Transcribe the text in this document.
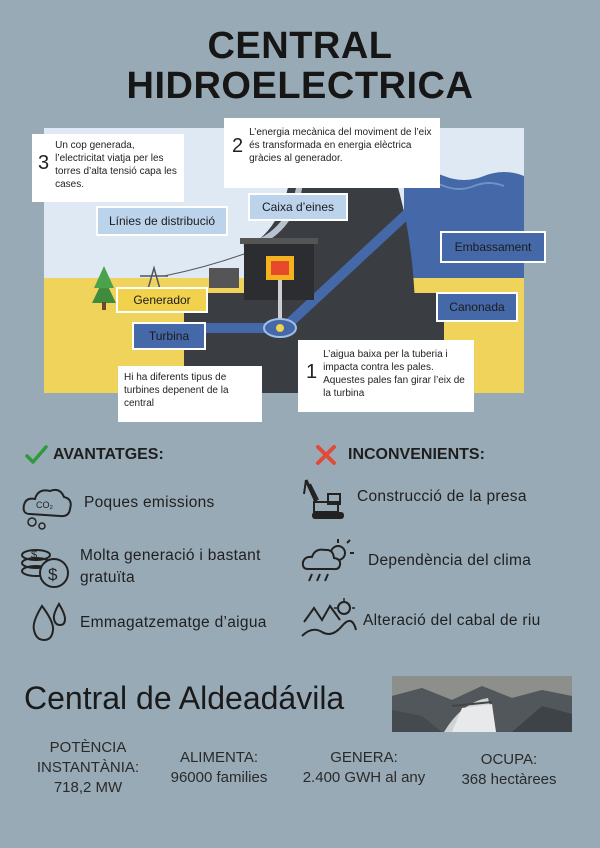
CENTRAL
HIDROELECTRICA
3
Un cop generada, l’electricitat viatja per les torres d’alta tensió capa les cases.
2
L’energia mecànica del moviment de l’eix és transformada en energia elèctrica gràcies al generador.
1
L’aigua baixa per la tuberia i impacta contra les pales. Aquestes pales fan girar l’eix de la turbina
Hi ha diferents tipus de turbines depenent de la central
Línies de distribució
Caixa d’eines
Embassament
Generador	Canonada
Turbina
AVANTATGES:
CO₂ Poques emissions
$
$	Molta generació i bastant gratuïta
Emmagatzematge d’aigua
INCONVENIENTS:
Construcció de la presa
Dependència del clima
Alteració del cabal de riu
Central de Aldeadávila
POTÈNCIA INSTANTÀNIA:
718,2 MW
ALIMENTA:
96000 families
GENERA:
2.400 GWH al any
OCUPA:
368 hectàrees
